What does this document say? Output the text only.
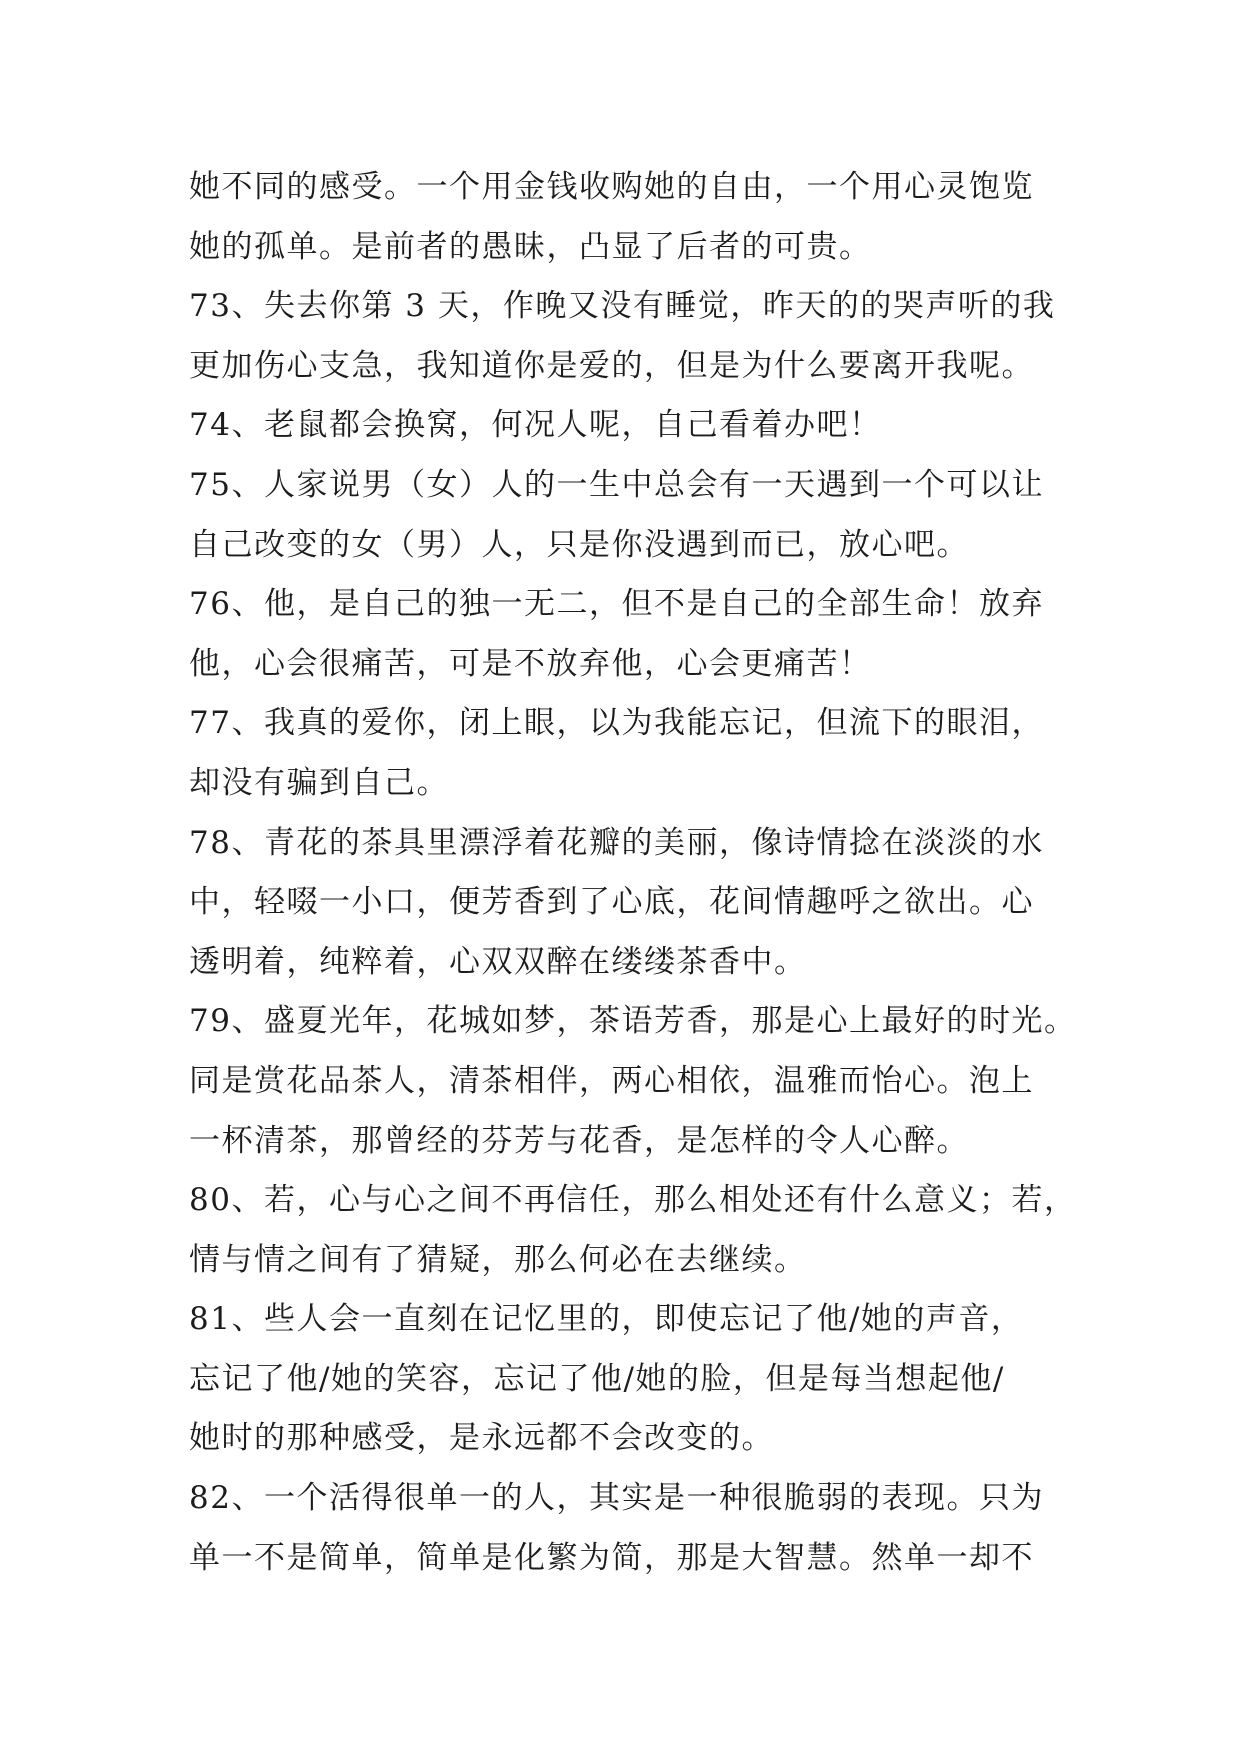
她不同的感受。一个用金钱收购她的自由，一个用心灵饱览
她的孤单。是前者的愚昧，凸显了后者的可贵。
73、失去你第 3 天，作晚又没有睡觉，昨天的的哭声听的我
更加伤心支急，我知道你是爱的，但是为什么要离开我呢。
74、老鼠都会换窝，何况人呢，自己看着办吧！
75、人家说男（女）人的一生中总会有一天遇到一个可以让
自己改变的女（男）人，只是你没遇到而已，放心吧。
76、他，是自己的独一无二，但不是自己的全部生命！放弃
他，心会很痛苦，可是不放弃他，心会更痛苦！
77、我真的爱你，闭上眼，以为我能忘记，但流下的眼泪，
却没有骗到自己。
78、青花的茶具里漂浮着花瓣的美丽，像诗情捻在淡淡的水
中，轻啜一小口，便芳香到了心底，花间情趣呼之欲出。心
透明着，纯粹着，心双双醉在缕缕茶香中。
79、盛夏光年，花城如梦，茶语芳香，那是心上最好的时光。
同是赏花品茶人，清茶相伴，两心相依，温雅而怡心。泡上
一杯清茶，那曾经的芬芳与花香，是怎样的令人心醉。
80、若，心与心之间不再信任，那么相处还有什么意义；若，
情与情之间有了猜疑，那么何必在去继续。
81、些人会一直刻在记忆里的，即使忘记了他/她的声音，
忘记了他/她的笑容，忘记了他/她的脸，但是每当想起他/
她时的那种感受，是永远都不会改变的。
82、一个活得很单一的人，其实是一种很脆弱的表现。只为
单一不是简单，简单是化繁为简，那是大智慧。然单一却不
